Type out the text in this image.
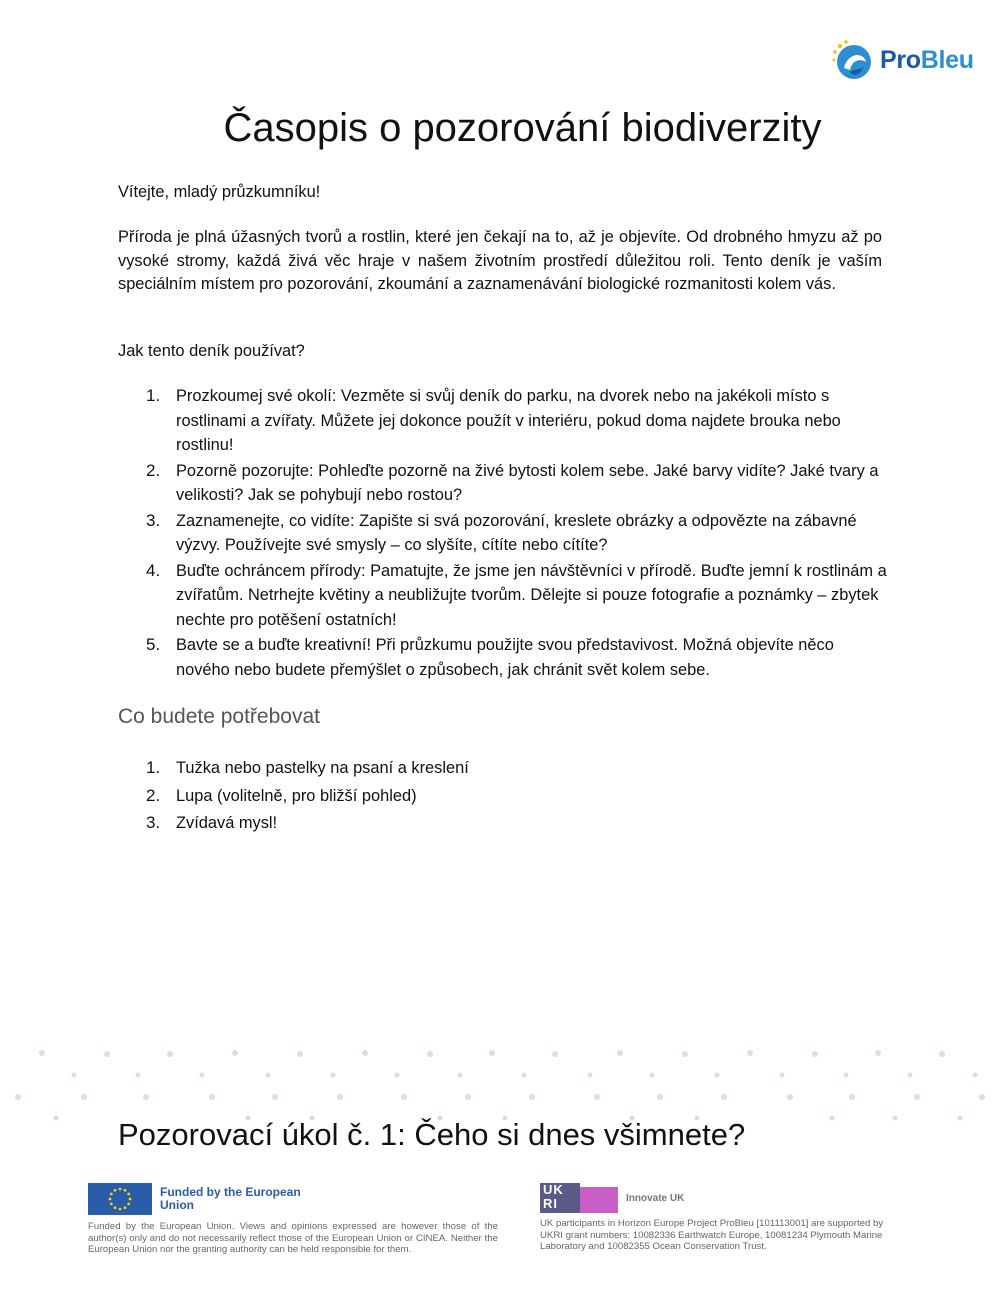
ProBleu
Časopis o pozorování biodiverzity

Vítejte, mladý průzkumníku!

Příroda je plná úžasných tvorů a rostlin, které jen čekají na to, až je objevíte. Od drobného hmyzu až po vysoké stromy, každá živá věc hraje v našem životním prostředí důležitou roli. Tento deník je vaším speciálním místem pro pozorování, zkoumání a zaznamenávání biologické rozmanitosti kolem vás.

Jak tento deník používat?

1. Prozkoumej své okolí: Vezměte si svůj deník do parku, na dvorek nebo na jakékoli místo s rostlinami a zvířaty. Můžete jej dokonce použít v interiéru, pokud doma najdete brouka nebo rostlinu!
2. Pozorně pozorujte: Pohleďte pozorně na živé bytosti kolem sebe. Jaké barvy vidíte? Jaké tvary a velikosti? Jak se pohybují nebo rostou?
3. Zaznamenejte, co vidíte: Zapište si svá pozorování, kreslete obrázky a odpovězte na zábavné výzvy. Používejte své smysly – co slyšíte, cítíte nebo cítíte?
4. Buďte ochráncem přírody: Pamatujte, že jsme jen návštěvníci v přírodě. Buďte jemní k rostlinám a zvířatům. Netrhejte květiny a neubližujte tvorům. Dělejte si pouze fotografie a poznámky – zbytek nechte pro potěšení ostatních!
5. Bavte se a buďte kreativní! Při průzkumu použijte svou představivost. Možná objevíte něco nového nebo budete přemýšlet o způsobech, jak chránit svět kolem sebe.
Co budete potřebovat
1. Tužka nebo pastelky na psaní a kreslení
2. Lupa (volitelně, pro bližší pohled)
3. Zvídavá mysl!
Pozorovací úkol č. 1: Čeho si dnes všimnete?
Funded by the European Union
Funded by the European Union. Views and opinions expressed are however those of the author(s) only and do not necessarily reflect those of the European Union or CINEA. Neither the European Union nor the granting authority can be held responsible for them.
UK RI	Innovate UK
UK participants in Horizon Europe Project ProBleu [101113001] are supported by UKRI grant numbers: 10082336 Earthwatch Europe, 10081234 Plymouth Marine Laboratory and 10082355 Ocean Conservation Trust.
